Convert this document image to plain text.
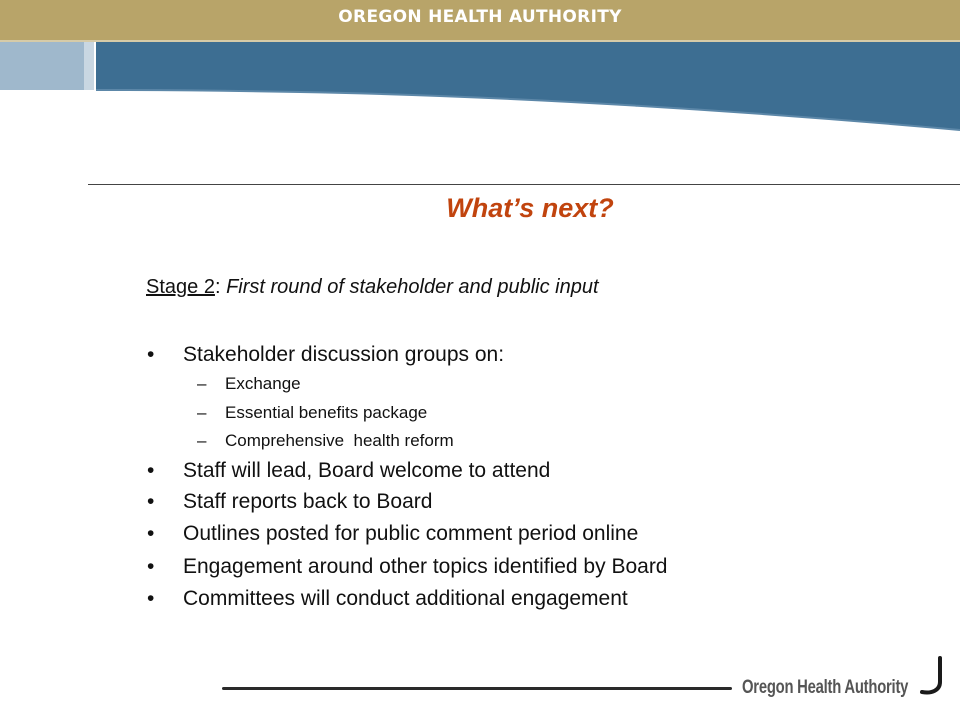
OREGON HEALTH AUTHORITY
What’s next?
Stage 2: First round of stakeholder and public input
• Stakeholder discussion groups on:
– Exchange
– Essential benefits package
– Comprehensive  health reform
• Staff will lead, Board welcome to attend
• Staff reports back to Board
• Outlines posted for public comment period online
• Engagement around other topics identified by Board
• Committees will conduct additional engagement
Oregon Health Authority
